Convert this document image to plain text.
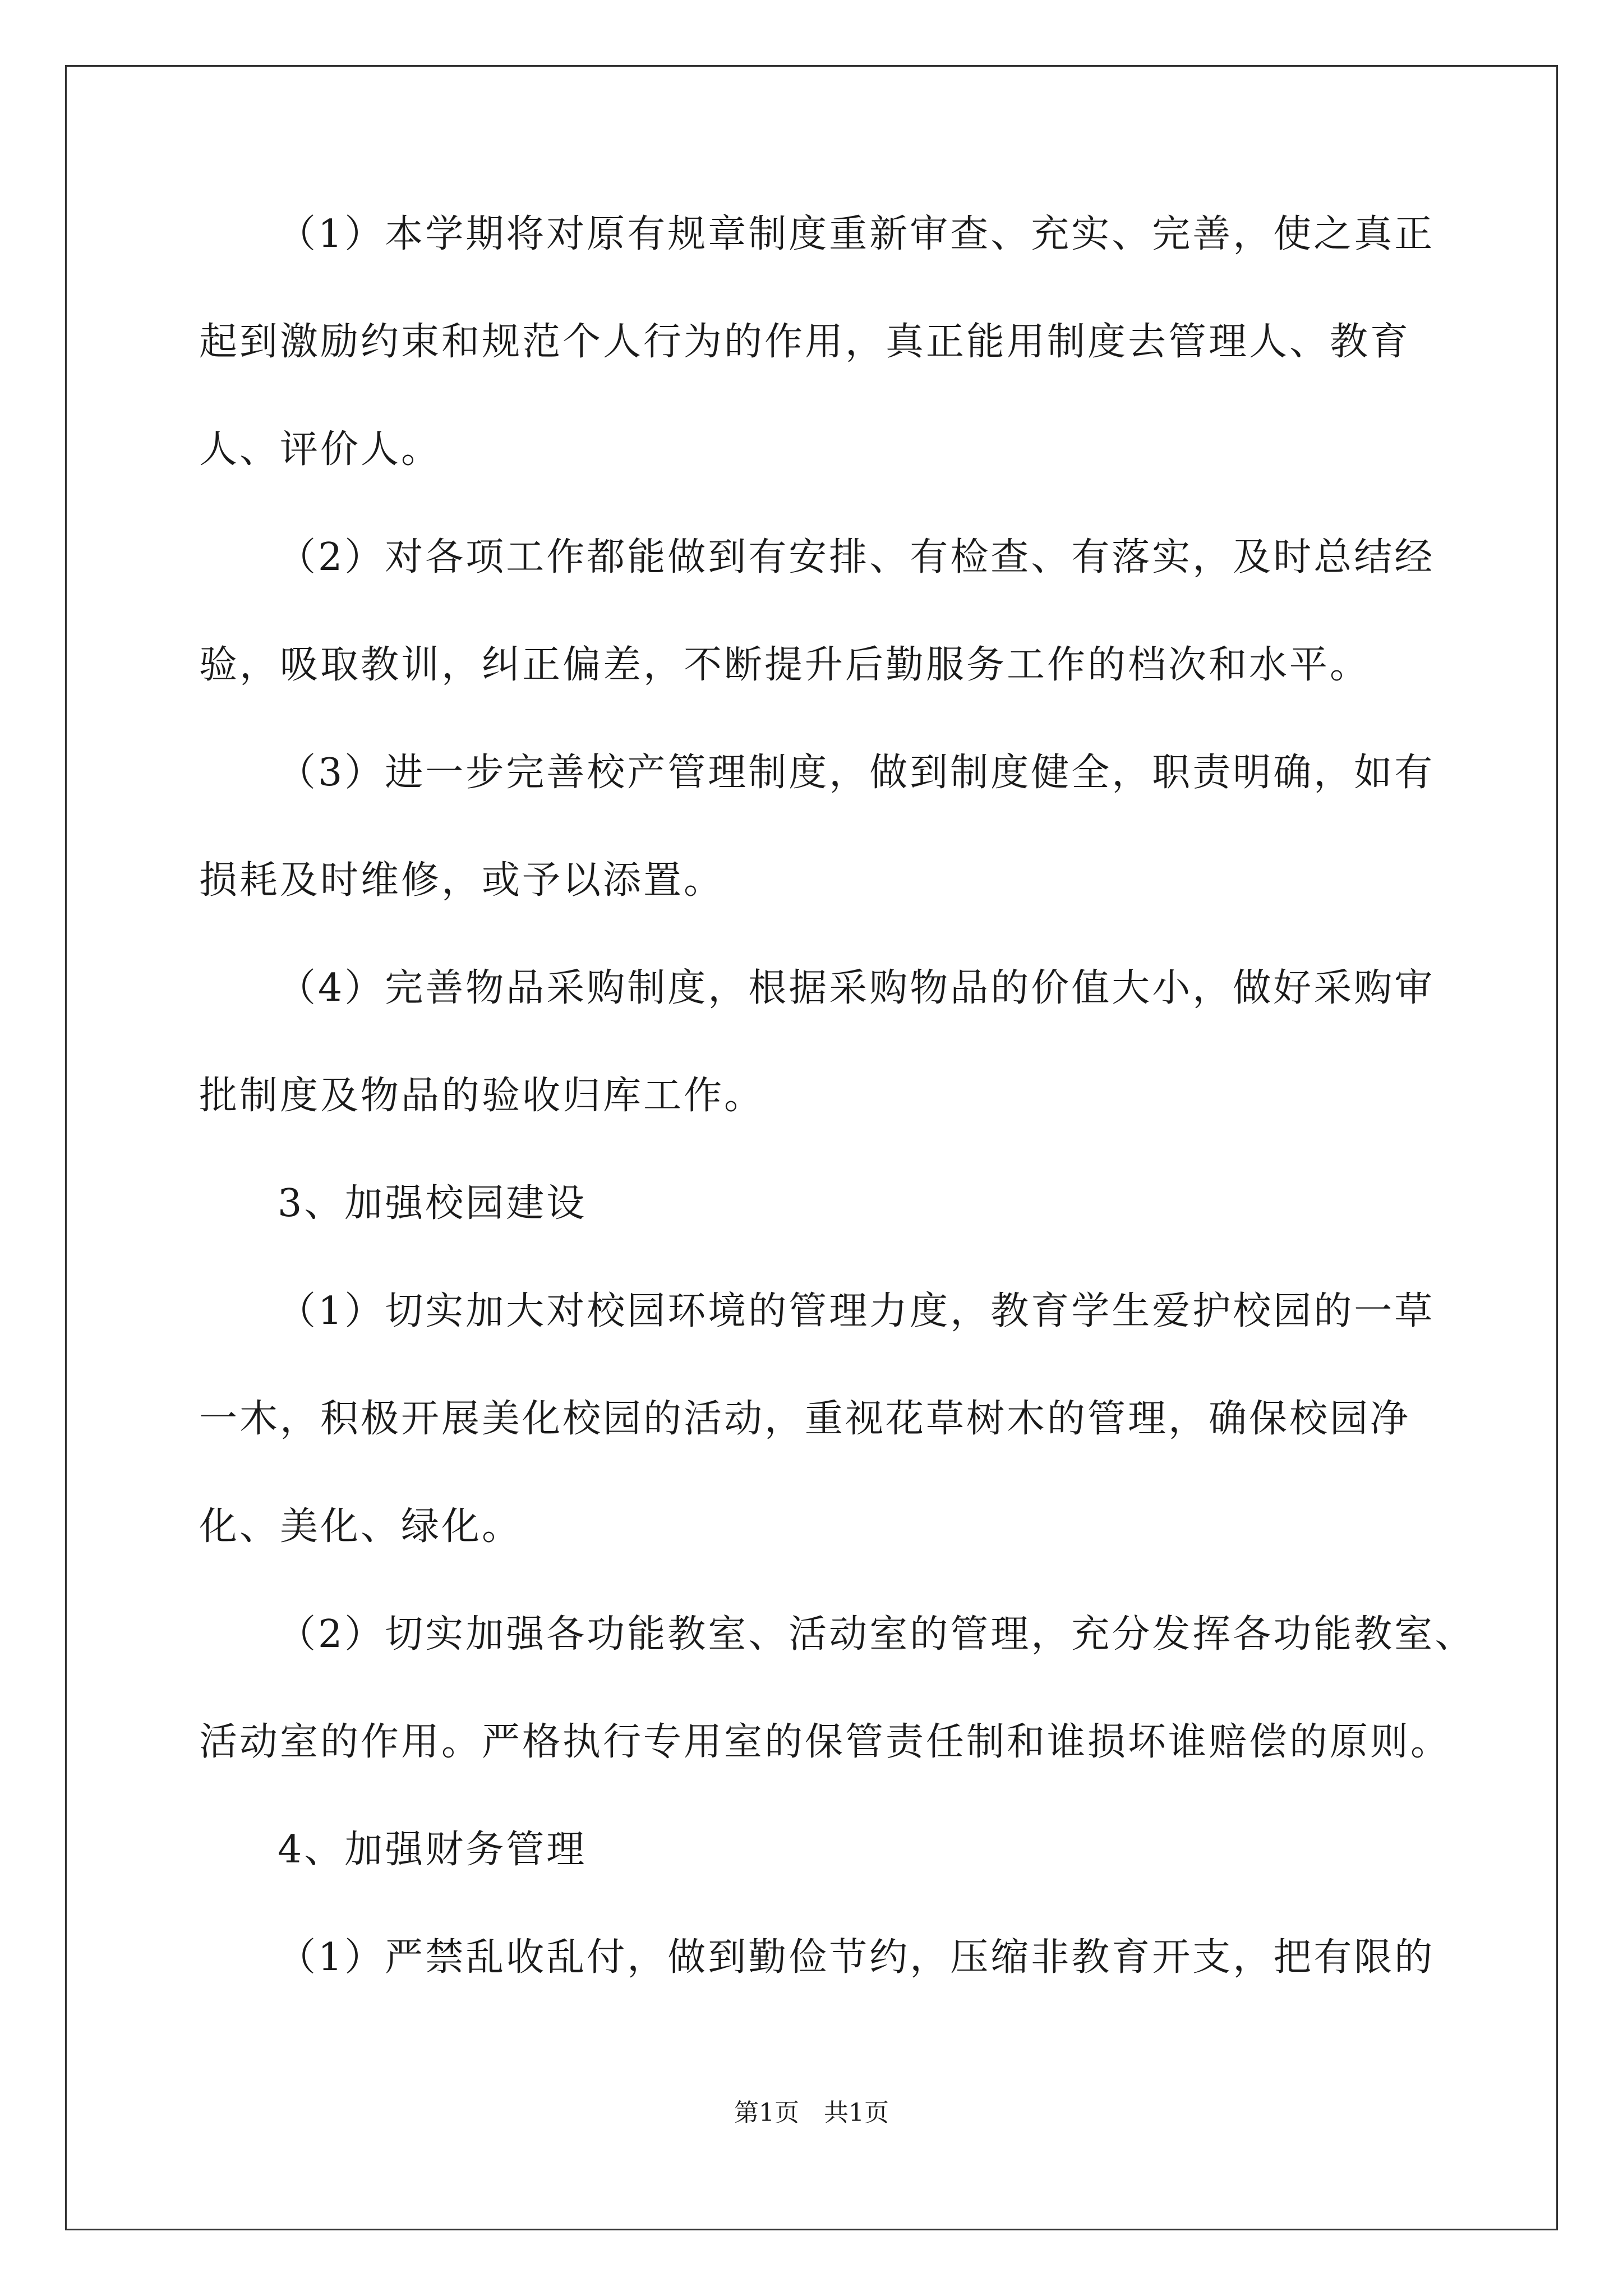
（1）本学期将对原有规章制度重新审查、充实、完善，使之真正
起到激励约束和规范个人行为的作用，真正能用制度去管理人、教育
人、评价人。
（2）对各项工作都能做到有安排、有检查、有落实，及时总结经
验，吸取教训，纠正偏差，不断提升后勤服务工作的档次和水平。
（3）进一步完善校产管理制度，做到制度健全，职责明确，如有
损耗及时维修，或予以添置。
（4）完善物品采购制度，根据采购物品的价值大小，做好采购审
批制度及物品的验收归库工作。
3、加强校园建设
（1）切实加大对校园环境的管理力度，教育学生爱护校园的一草
一木，积极开展美化校园的活动，重视花草树木的管理，确保校园净
化、美化、绿化。
（2）切实加强各功能教室、活动室的管理，充分发挥各功能教室、
活动室的作用。严格执行专用室的保管责任制和谁损坏谁赔偿的原则。
4、加强财务管理
（1）严禁乱收乱付，做到勤俭节约，压缩非教育开支，把有限的
第1页　共1页
